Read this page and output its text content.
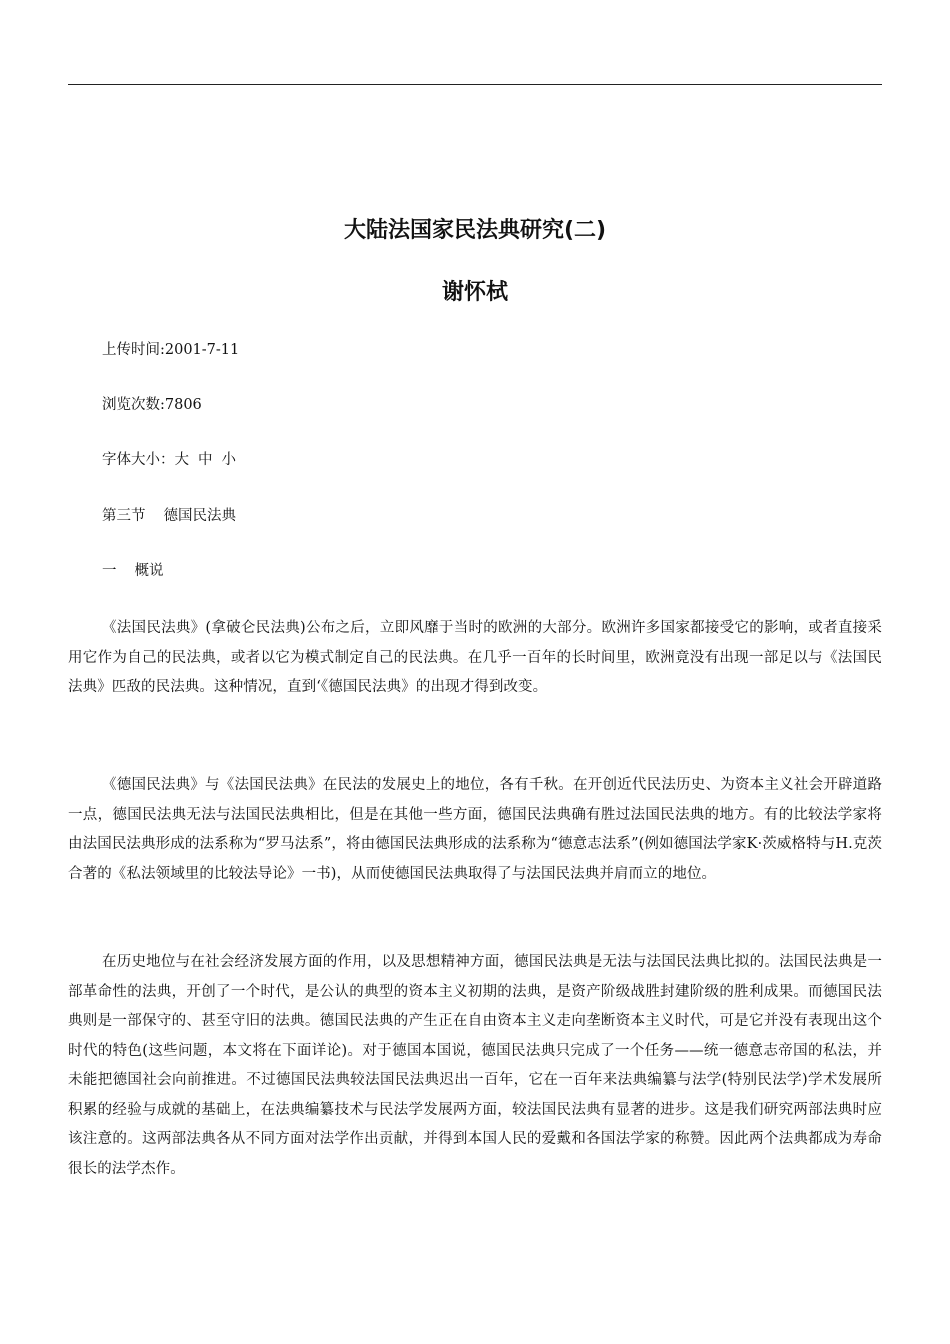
大陆法国家民法典研究(二)
谢怀栻

上传时间:2001-7-11

浏览次数:7806

字体大小：大 中 小

第三节 德国民法典

一 概说

《法国民法典》(拿破仑民法典)公布之后，立即风靡于当时的欧洲的大部分。欧洲许多国家都接受它的影响，或者直接采用它作为自己的民法典，或者以它为模式制定自己的民法典。在几乎一百年的长时间里，欧洲竟没有出现一部足以与《法国民法典》匹敌的民法典。这种情况，直到‘《德国民法典》的出现才得到改变。

《德国民法典》与《法国民法典》在民法的发展史上的地位，各有千秋。在开创近代民法历史、为资本主义社会开辟道路一点，德国民法典无法与法国民法典相比，但是在其他一些方面，德国民法典确有胜过法国民法典的地方。有的比较法学家将由法国民法典形成的法系称为“罗马法系”，将由德国民法典形成的法系称为“德意志法系”(例如德国法学家K·茨威格特与H.克茨合著的《私法领域里的比较法导论》一书)，从而使德国民法典取得了与法国民法典并肩而立的地位。

在历史地位与在社会经济发展方面的作用，以及思想精神方面，德国民法典是无法与法国民法典比拟的。法国民法典是一部革命性的法典，开创了一个时代，是公认的典型的资本主义初期的法典，是资产阶级战胜封建阶级的胜利成果。而德国民法典则是一部保守的、甚至守旧的法典。德国民法典的产生正在自由资本主义走向垄断资本主义时代，可是它并没有表现出这个时代的特色(这些问题，本文将在下面详论)。对于德国本国说，德国民法典只完成了一个任务——统一德意志帝国的私法，并未能把德国社会向前推进。不过德国民法典较法国民法典迟出一百年，它在一百年来法典编纂与法学(特别民法学)学术发展所积累的经验与成就的基础上，在法典编纂技术与民法学发展两方面，较法国民法典有显著的进步。这是我们研究两部法典时应该注意的。这两部法典各从不同方面对法学作出贡献，并得到本国人民的爱戴和各国法学家的称赞。因此两个法典都成为寿命很长的法学杰作。
